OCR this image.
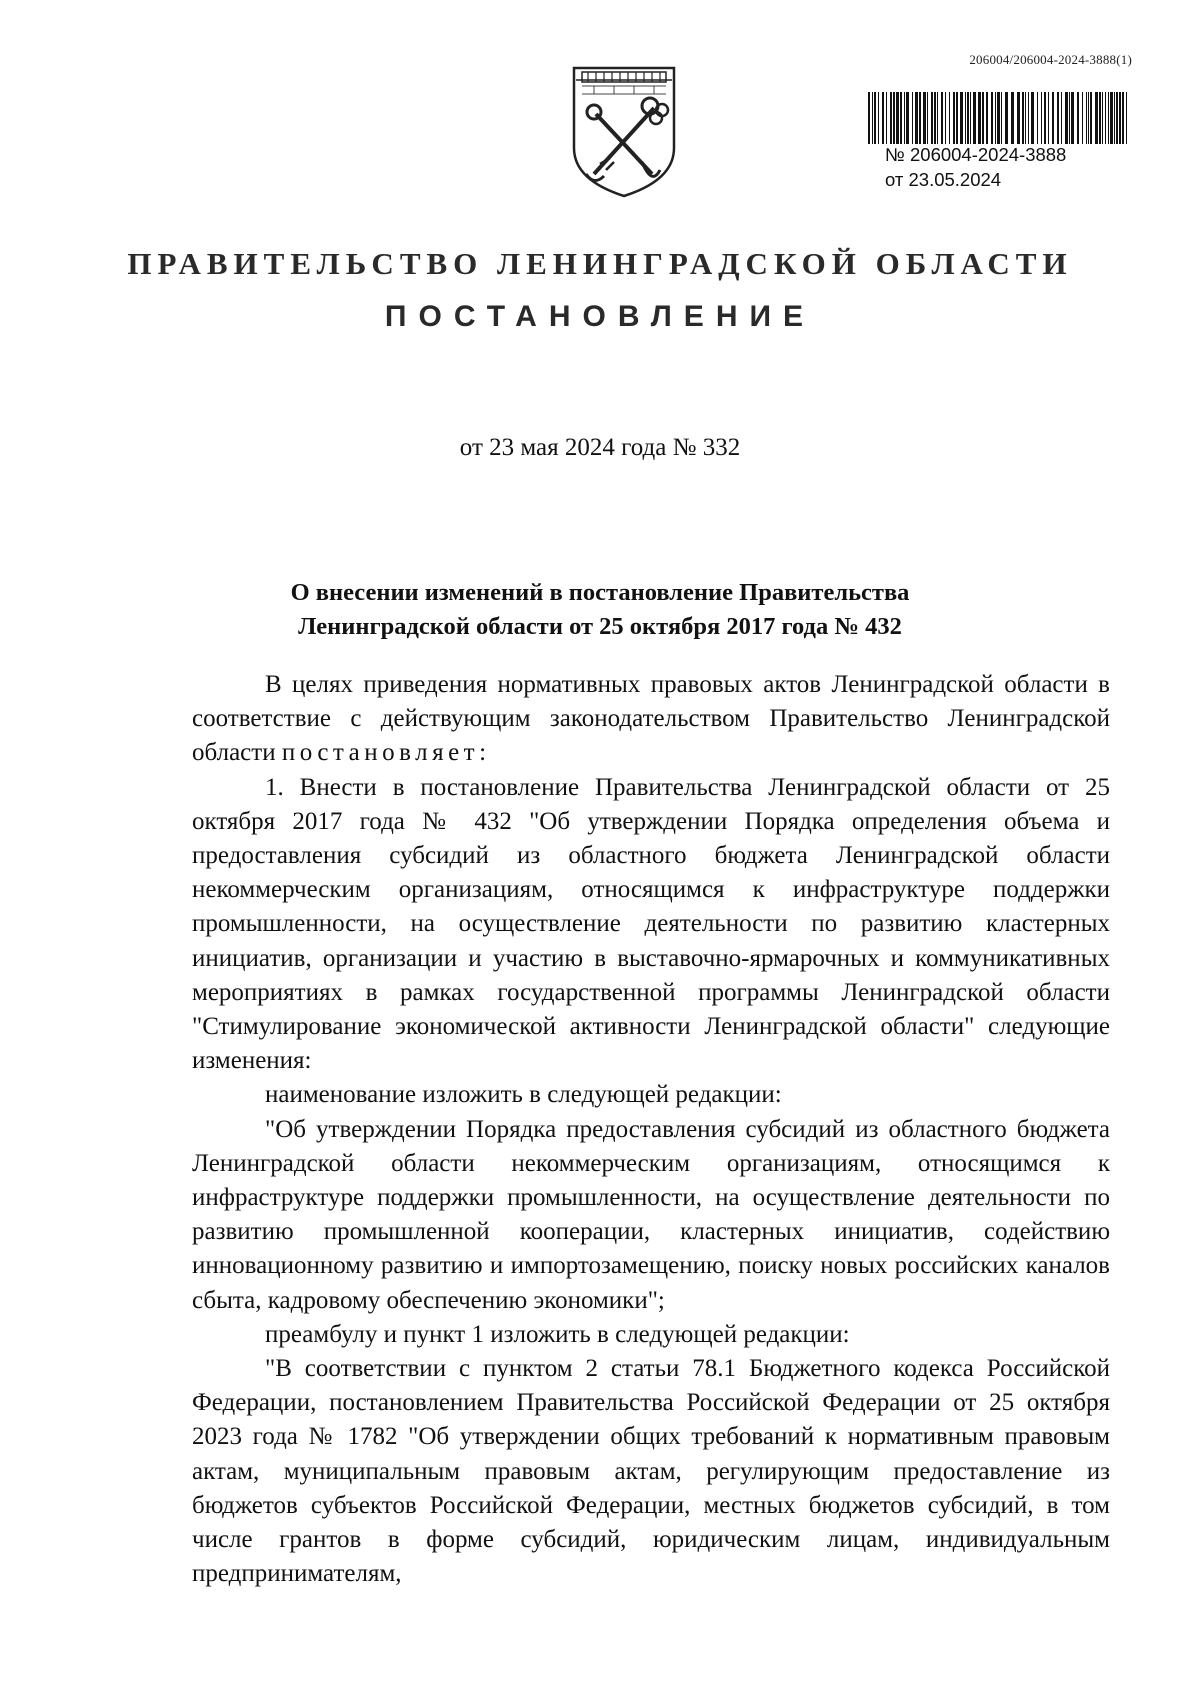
206004/206004-2024-3888(1)
№ 206004-2024-3888
от 23.05.2024
ПРАВИТЕЛЬСТВО ЛЕНИНГРАДСКОЙ ОБЛАСТИ
ПОСТАНОВЛЕНИЕ
от 23 мая 2024 года № 332
О внесении изменений в постановление Правительства
Ленинградской области от 25 октября 2017 года № 432

В целях приведения нормативных правовых актов Ленинградской области в соответствие с действующим законодательством Правительство Ленинградской области постановляет:

1. Внести в постановление Правительства Ленинградской области от 25 октября 2017 года № 432 "Об утверждении Порядка определения объема и предоставления субсидий из областного бюджета Ленинградской области некоммерческим организациям, относящимся к инфраструктуре поддержки промышленности, на осуществление деятельности по развитию кластерных инициатив, организации и участию в выставочно-ярмарочных и коммуникативных мероприятиях в рамках государственной программы Ленинградской области "Стимулирование экономической активности Ленинградской области" следующие изменения:

наименование изложить в следующей редакции:

"Об утверждении Порядка предоставления субсидий из областного бюджета Ленинградской области некоммерческим организациям, относящимся к инфраструктуре поддержки промышленности, на осуществление деятельности по развитию промышленной кооперации, кластерных инициатив, содействию инновационному развитию и импортозамещению, поиску новых российских каналов сбыта, кадровому обеспечению экономики";

преамбулу и пункт 1 изложить в следующей редакции:

"В соответствии с пунктом 2 статьи 78.1 Бюджетного кодекса Российской Федерации, постановлением Правительства Российской Федерации от 25 октября 2023 года № 1782 "Об утверждении общих требований к нормативным правовым актам, муниципальным правовым актам, регулирующим предоставление из бюджетов субъектов Российской Федерации, местных бюджетов субсидий, в том числе грантов в форме субсидий, юридическим лицам, индивидуальным предпринимателям,
